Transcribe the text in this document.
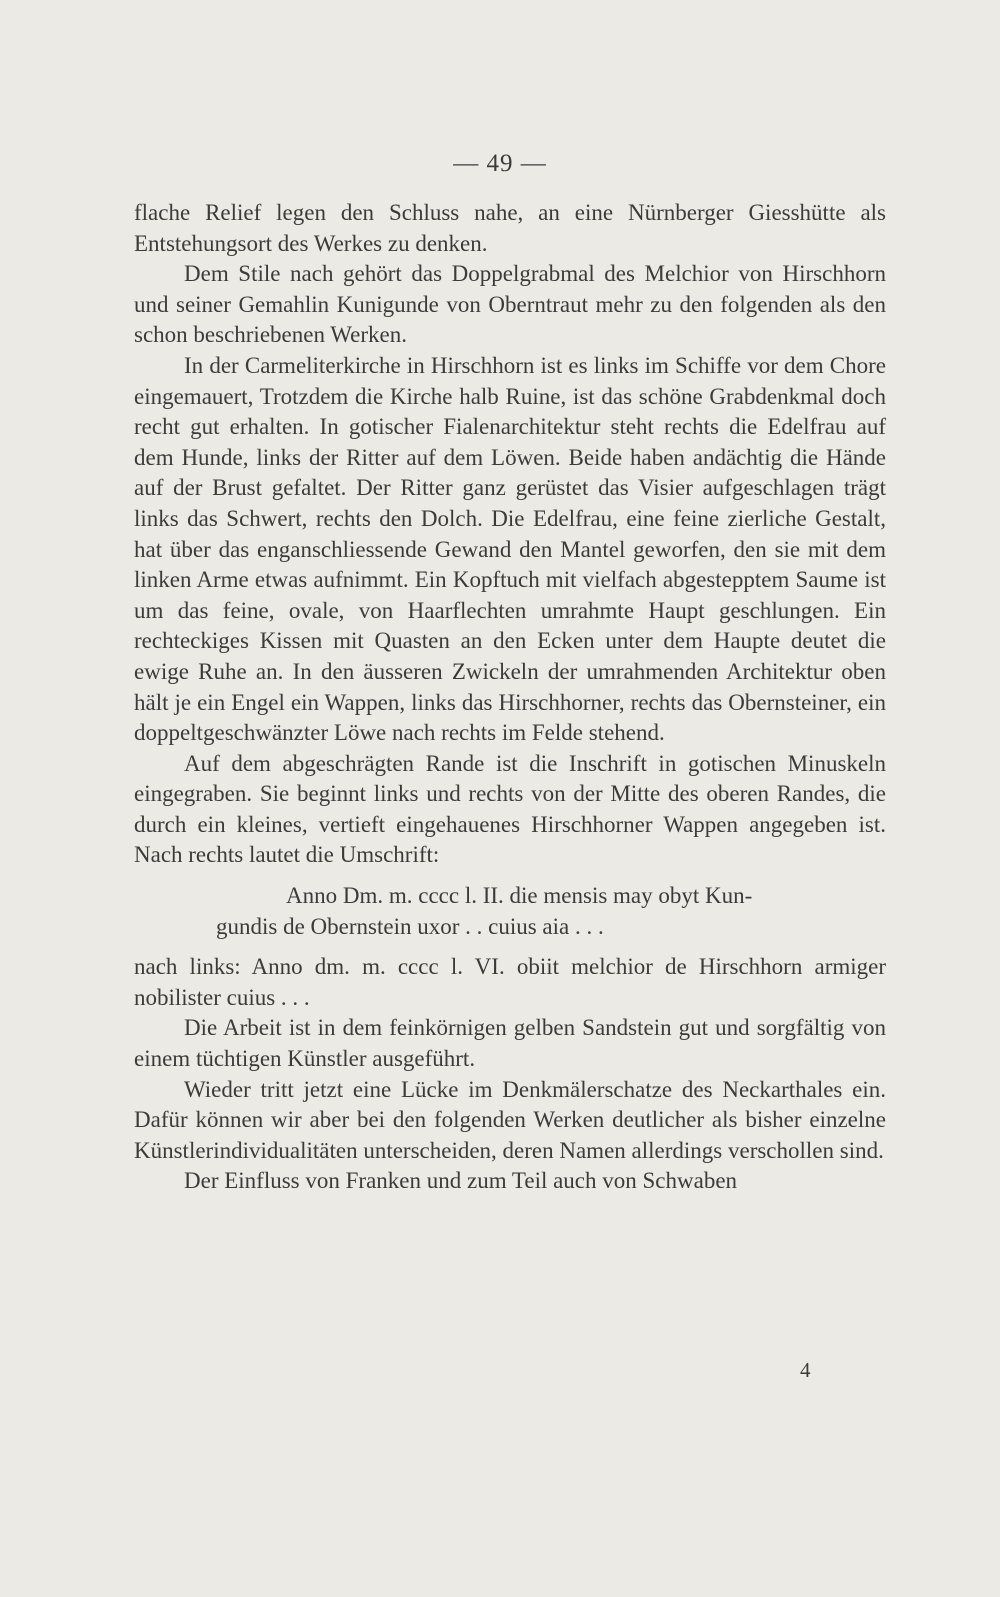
— 49 —

flache Relief legen den Schluss nahe, an eine Nürnberger Giesshütte als Entstehungsort des Werkes zu denken.

Dem Stile nach gehört das Doppelgrabmal des Melchior von Hirschhorn und seiner Gemahlin Kunigunde von Oberntraut mehr zu den folgenden als den schon beschriebenen Werken.

In der Carmeliterkirche in Hirschhorn ist es links im Schiffe vor dem Chore eingemauert, Trotzdem die Kirche halb Ruine, ist das schöne Grabdenkmal doch recht gut erhalten. In gotischer Fialenarchitektur steht rechts die Edelfrau auf dem Hunde, links der Ritter auf dem Löwen. Beide haben andächtig die Hände auf der Brust gefaltet. Der Ritter ganz gerüstet das Visier aufgeschlagen trägt links das Schwert, rechts den Dolch. Die Edelfrau, eine feine zierliche Gestalt, hat über das enganschliessende Gewand den Mantel geworfen, den sie mit dem linken Arme etwas aufnimmt. Ein Kopftuch mit vielfach abgestepptem Saume ist um das feine, ovale, von Haarflechten umrahmte Haupt geschlungen. Ein rechteckiges Kissen mit Quasten an den Ecken unter dem Haupte deutet die ewige Ruhe an. In den äusseren Zwickeln der umrahmenden Architektur oben hält je ein Engel ein Wappen, links das Hirschhorner, rechts das Obernsteiner, ein doppeltgeschwänzter Löwe nach rechts im Felde stehend.

Auf dem abgeschrägten Rande ist die Inschrift in gotischen Minuskeln eingegraben. Sie beginnt links und rechts von der Mitte des oberen Randes, die durch ein kleines, vertieft eingehauenes Hirschhorner Wappen angegeben ist. Nach rechts lautet die Umschrift:

Anno Dm. m. cccc l. II. die mensis may obyt Kun-

gundis de Obernstein uxor . . cuius aia . . .

nach links: Anno dm. m. cccc l. VI. obiit melchior de Hirschhorn armiger nobilister cuius . . .

Die Arbeit ist in dem feinkörnigen gelben Sandstein gut und sorgfältig von einem tüchtigen Künstler ausgeführt.

Wieder tritt jetzt eine Lücke im Denkmälerschatze des Neckarthales ein. Dafür können wir aber bei den folgenden Werken deutlicher als bisher einzelne Künstlerindividualitäten unterscheiden, deren Namen allerdings verschollen sind.

Der Einfluss von Franken und zum Teil auch von Schwaben

4
